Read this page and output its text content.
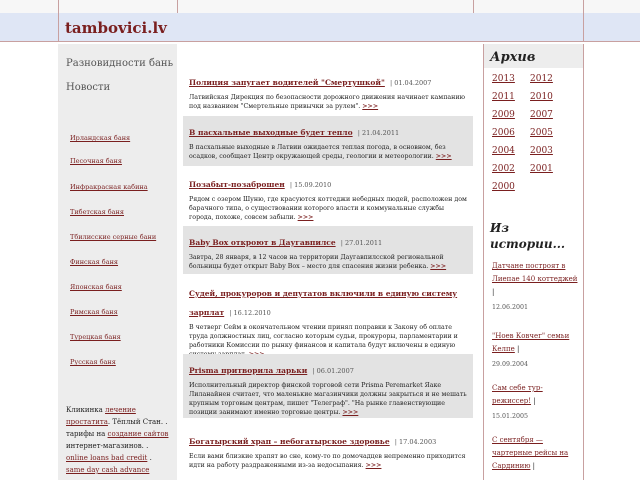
tambovici.lv
Разновидности бань
Новости
Ирландская баня
Песочная баня
Инфракрасная кабина
Тибетская баня
Тбилисские серные бани
Финская баня
Японская баня
Римская баня
Турецкая баня
Русская баня
Кликинка лечение простатита. Тёплый Стан. . тарифы на создание сайтов интернет-магазинов. . online loans bad credit . same day cash advance
Полиция запугает водителей "Смертушкой" | 01.04.2007
Латвийская Дирекция по безопасности дорожного движения начинает кампанию под названием "Смертельные привычки за рулем". >>>
В пасхальные выходные будет тепло | 21.04.2011
В пасхальные выходные в Латвии ожидается теплая погода, в основном, без осадков, сообщает Центр окружающей среды, геологии и метеорологии. >>>
Позабыт-позаброшен | 15.09.2010
Рядом с озером Шуню, где красуются коттеджи небедных людей, расположен дом барачного типа, о существовании которого власти и коммунальные службы города, похоже, совсем забыли. >>>
Baby Box откроют в Даугавпилсе | 27.01.2011
Завтра, 28 января, в 12 часов на территории Даугавпилсской региональной больницы будет открыт Baby Box – место для спасения жизни ребенка. >>>
Судей, прокуроров и депутатов включили в единую систему зарплат | 16.12.2010
В четверг Сейм в окончательном чтении принял поправки к Закону об оплате труда должностных лиц, согласно которым судьи, прокуроры, парламентарии и работники Комиссии по рынку финансов и капитала будут включены в единую
Prisma притворила ларьки | 06.01.2007
Исполнительный директор финской торговой сети Prisma Peremarket Яаке Лиланайнен считает, что маленькие магазинчики должны закрыться и не мешать крупным торговым центрам, пишет "Телеграф". "На рынке главенствующие позиции занимают именно торговые центры. >>>
Богатырский храп – небогатырское здоровье | 17.04.2003
Если вами близкие храпят во сне, кому-то по домочадцев непременно приходится идти на работу раздраженными из-за недосыпания. >>>
Архив
2013 2012
2011 2010
2009 2007
2006 2005
2004 2003
2002 2001
2000
Из истории...
Датчане построят в Лиепае 140 коттеджей |
12.06.2001
"Ноев Ковчег" семьи Келпе |
29.09.2004
Сам себе тур-режиссер! |
15.01.2005
С сентября — чартерные рейсы на Сардинию |
